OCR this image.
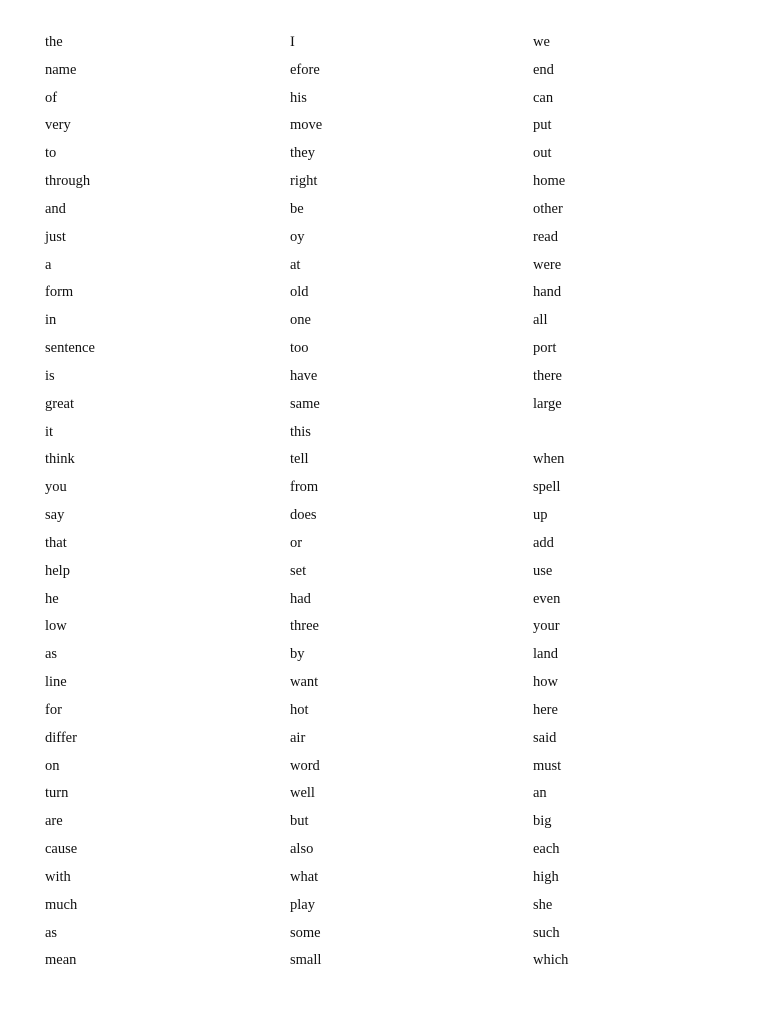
the
name
of
very
to
through
and
just
a
form
in
sentence
is
great
it
think
you
say
that
help
he
low
as
line
for
differ
on
turn
are
cause
with
much
as
mean
I
efore
his
move
they
right
be
oy
at
old
one
too
have
same
this
tell
from
does
or
set
had
three
by
want
hot
air
word
well
but
also
what
play
some
small
we
end
can
put
out
home
other
read
were
hand
all
port
there
large
when
spell
up
add
use
even
your
land
how
here
said
must
an
big
each
high
she
such
which
